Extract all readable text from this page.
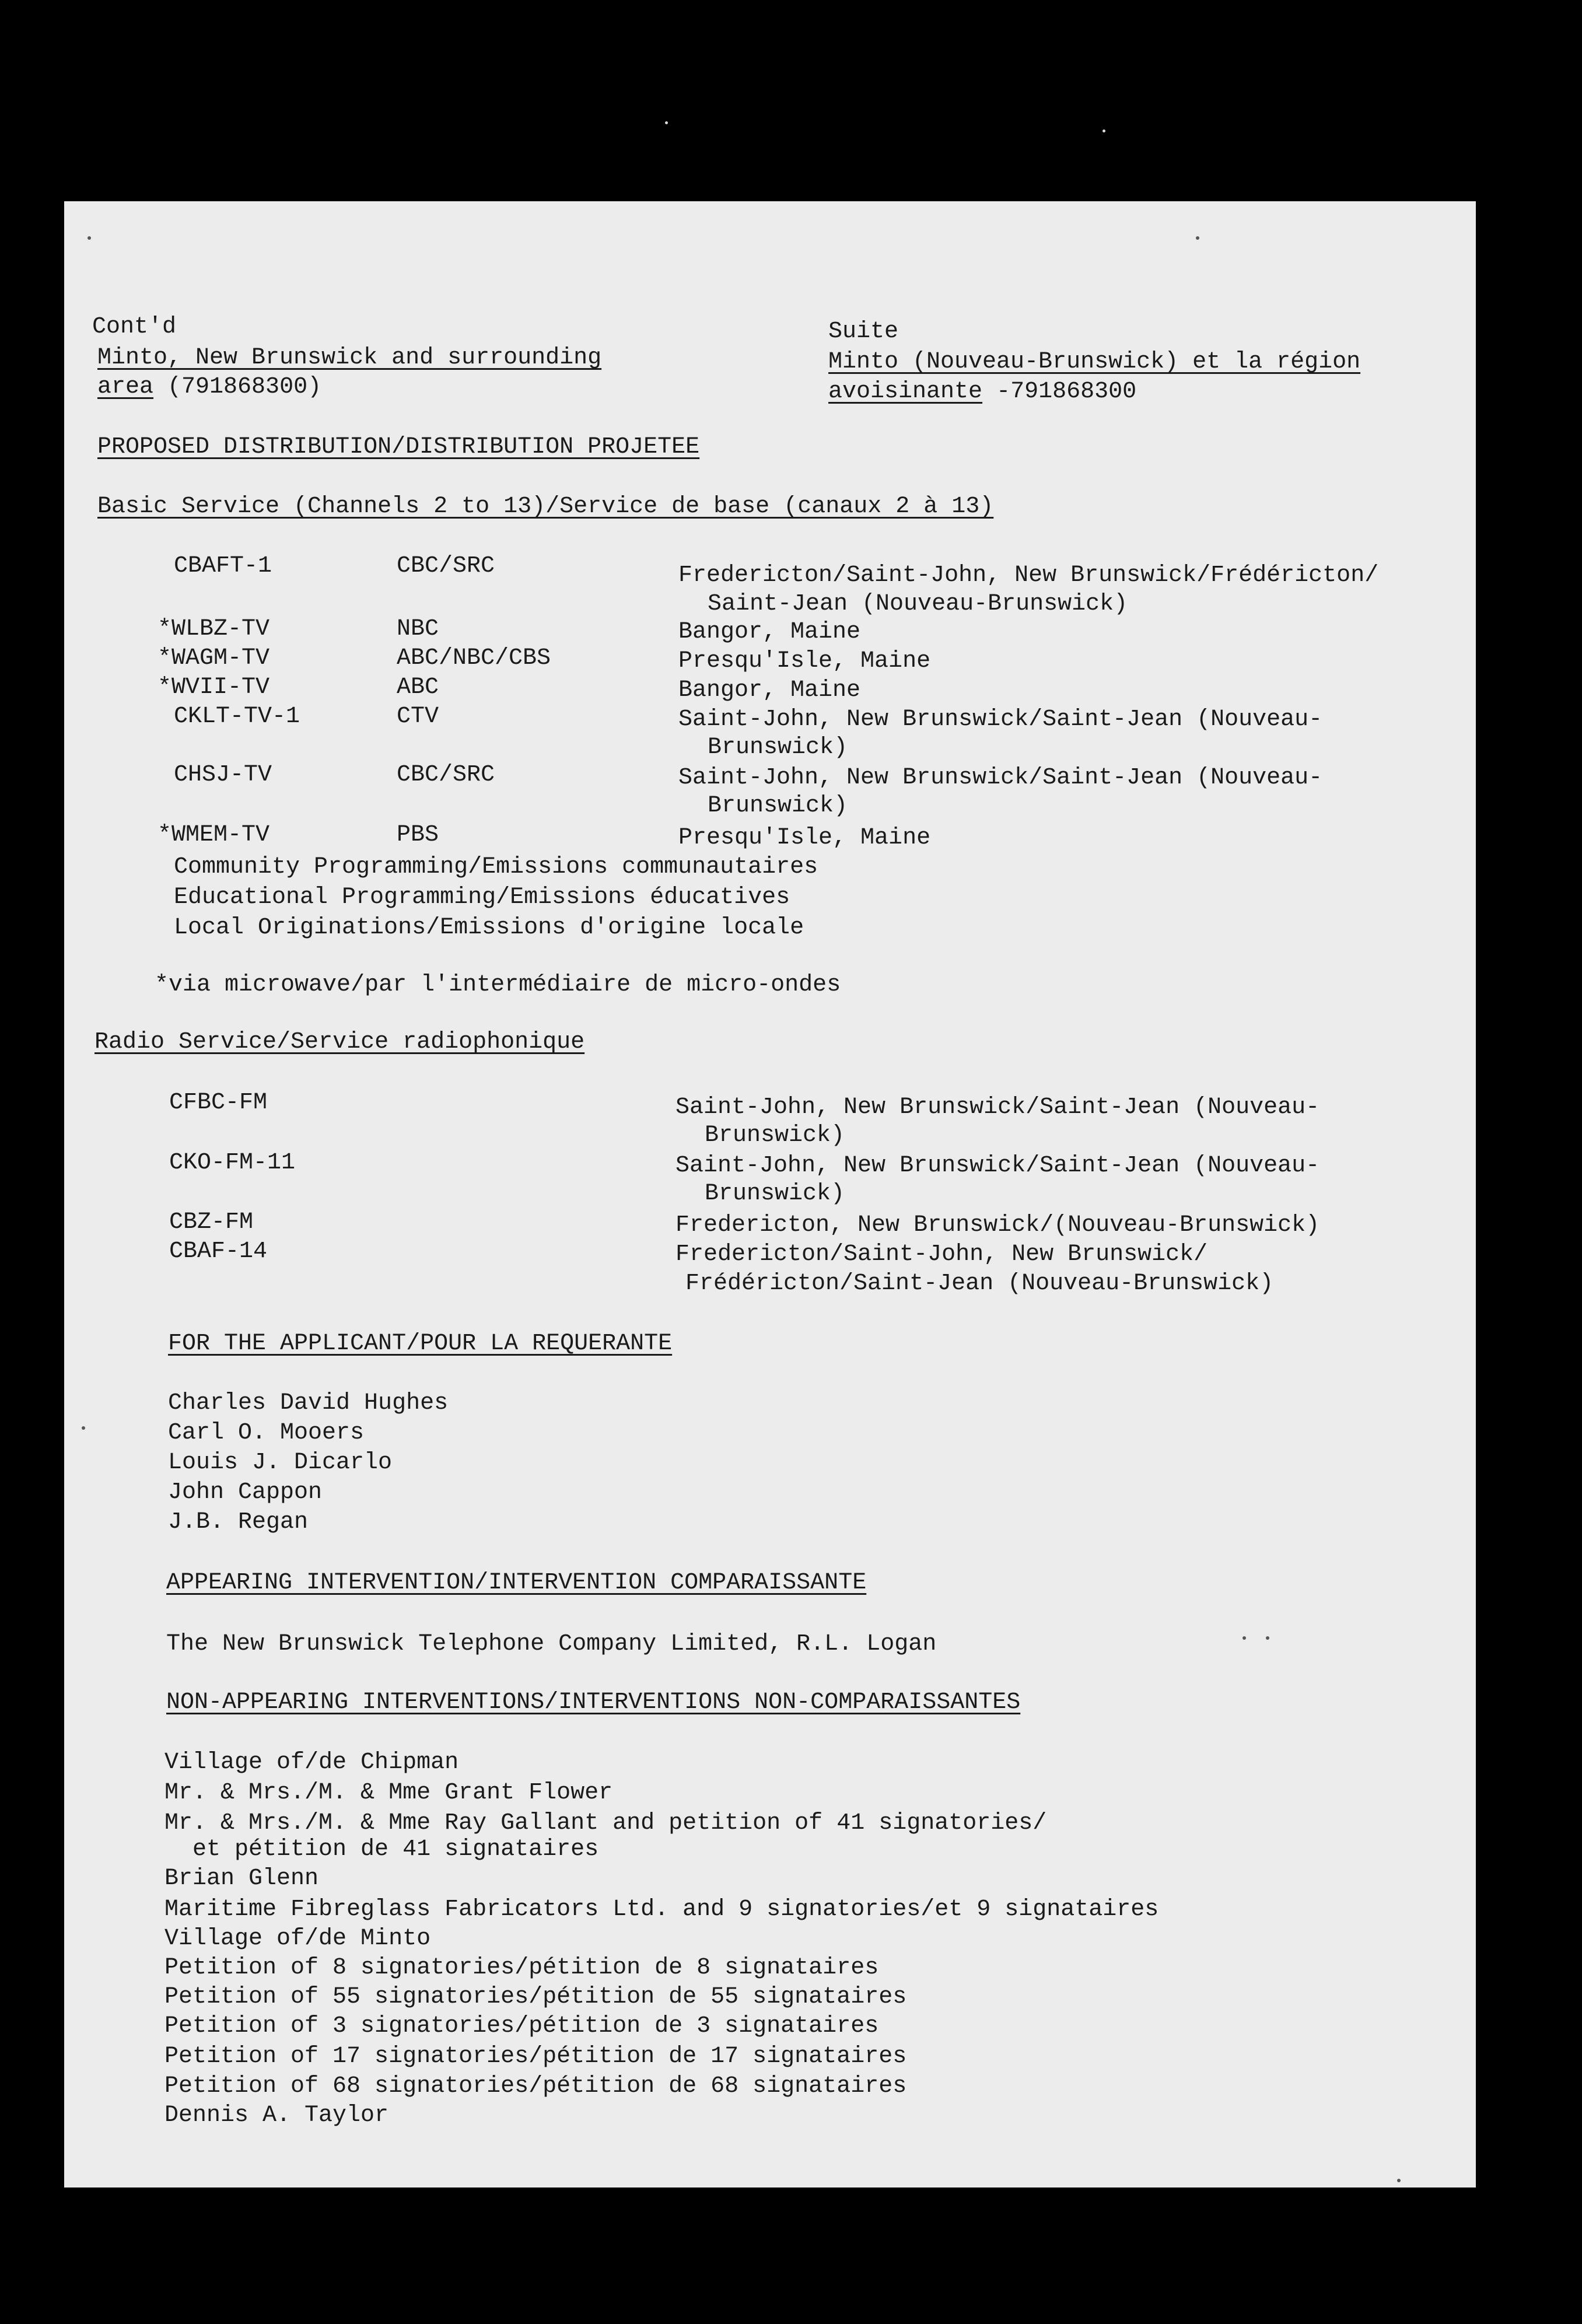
Cont'd
Minto, New Brunswick and surrounding
area (791868300)
Suite
Minto (Nouveau-Brunswick) et la région
avoisinante -791868300
PROPOSED DISTRIBUTION/DISTRIBUTION PROJETEE
Basic Service (Channels 2 to 13)/Service de base (canaux 2 à 13)
CBAFT-1	CBC/SRC	Fredericton/Saint-John, New Brunswick/Frédéricton/
Saint-Jean (Nouveau-Brunswick)
*WLBZ-TV	NBC	Bangor, Maine
*WAGM-TV	ABC/NBC/CBS	Presqu'Isle, Maine
*WVII-TV	ABC	Bangor, Maine
CKLT-TV-1	CTV	Saint-John, New Brunswick/Saint-Jean (Nouveau-
Brunswick)
CHSJ-TV	CBC/SRC	Saint-John, New Brunswick/Saint-Jean (Nouveau-
Brunswick)
*WMEM-TV	PBS	Presqu'Isle, Maine
Community Programming/Emissions communautaires
Educational Programming/Emissions éducatives
Local Originations/Emissions d'origine locale
*via microwave/par l'intermédiaire de micro-ondes
Radio Service/Service radiophonique
CFBC-FM	Saint-John, New Brunswick/Saint-Jean (Nouveau-
Brunswick)
CKO-FM-11	Saint-John, New Brunswick/Saint-Jean (Nouveau-
Brunswick)
CBZ-FM	Fredericton, New Brunswick/(Nouveau-Brunswick)
CBAF-14	Fredericton/Saint-John, New Brunswick/
Frédéricton/Saint-Jean (Nouveau-Brunswick)
FOR THE APPLICANT/POUR LA REQUERANTE
Charles David Hughes
Carl O. Mooers
Louis J. Dicarlo
John Cappon
J.B. Regan
APPEARING INTERVENTION/INTERVENTION COMPARAISSANTE
The New Brunswick Telephone Company Limited, R.L. Logan
NON-APPEARING INTERVENTIONS/INTERVENTIONS NON-COMPARAISSANTES
Village of/de Chipman
Mr. & Mrs./M. & Mme Grant Flower
Mr. & Mrs./M. & Mme Ray Gallant and petition of 41 signatories/
et pétition de 41 signataires
Brian Glenn
Maritime Fibreglass Fabricators Ltd. and 9 signatories/et 9 signataires
Village of/de Minto
Petition of 8 signatories/pétition de 8 signataires
Petition of 55 signatories/pétition de 55 signataires
Petition of 3 signatories/pétition de 3 signataires
Petition of 17 signatories/pétition de 17 signataires
Petition of 68 signatories/pétition de 68 signataires
Dennis A. Taylor
